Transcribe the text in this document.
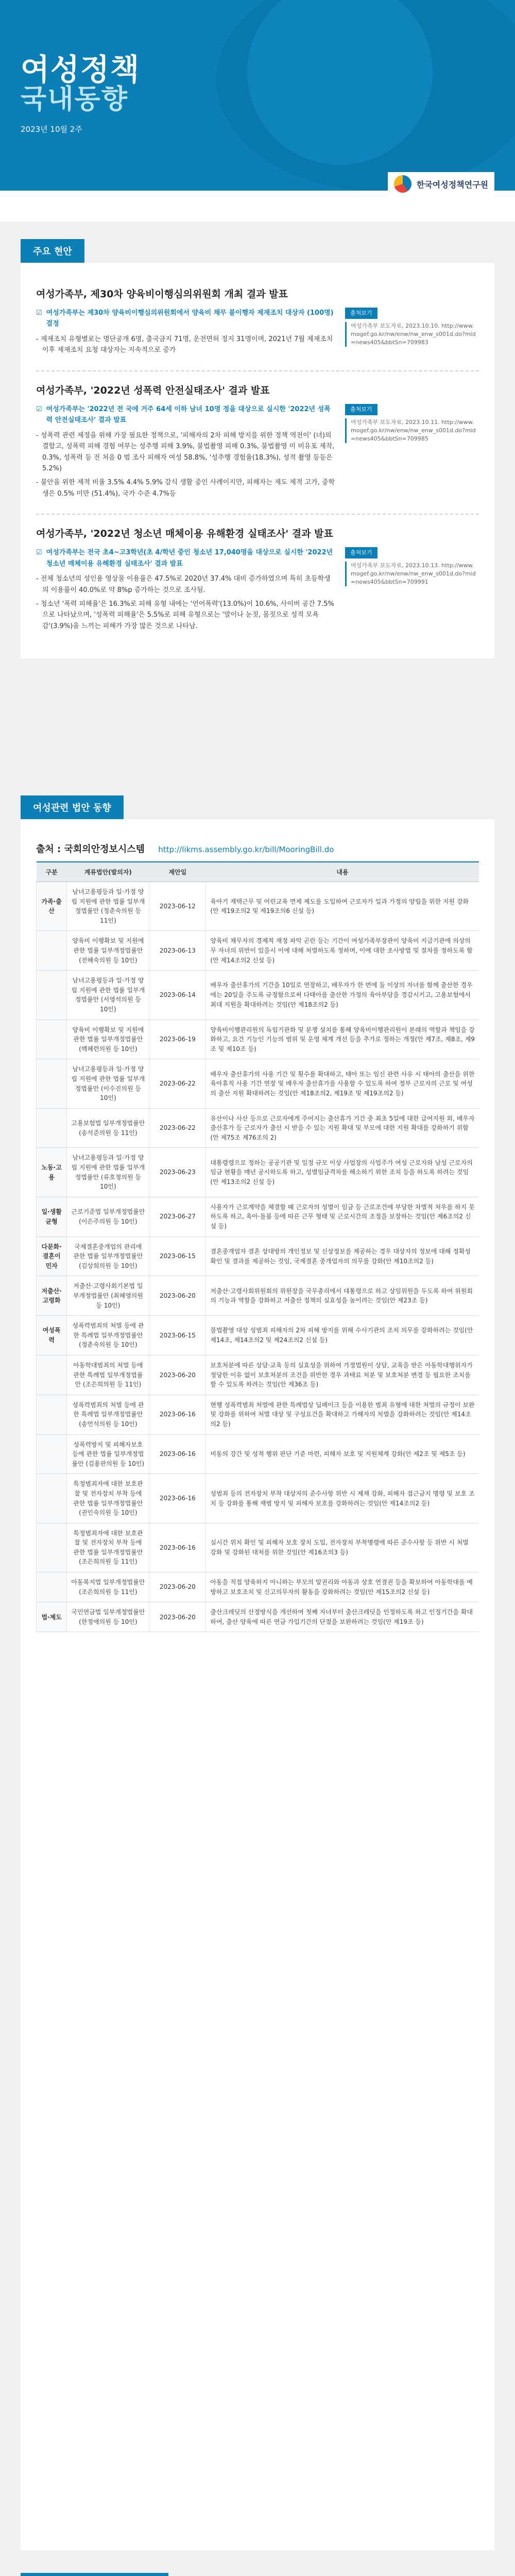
여성정책
국내동향
2023년 10월 2주
한국여성정책연구원
주요 현안
여성가족부, 제30차 양육비이행심의위원회 개최 결과 발표
☑ 여성가족부는 제30차 양육비이행심의위원회에서 양육비 채무 불이행자 제재조치 대상자 (100명) 결정
- 제재조치 유형별로는 명단공개 6명, 출국금지 71명, 운전면허 정지 31명이며, 2021년 7월 제재조치 이후 제재조치 요청 대상자는 지속적으로 증가
출처보기
여성가족부 보도자료, 2023.10.10. http://www.mogef.go.kr/nw/enw/nw_enw_s001d.do?mid=news405&bbtSn=709983
여성가족부, '2022년 성폭력 안전실태조사' 결과 발표
☑ 여성가족부는 '2022년 전 국에 거주 64세 이하 남녀 10명 정을 대상으로 실시한 '2022년 성폭력 안전실태조사' 결과 발표
- 성폭력 관련 제정을 위해 가장 필요한 정책으로, '피해자의 2차 피해 방지를 위한 정책 역전이' (녀)의 결합고, 성폭력 피해 경험 여부는 성추행 피해 3.9%, 불법촬영 피해 0.3%, 불법촬영 미 비유포 제작, 0.3%, 성폭력 등 전 처음 0 범 조사 피해자 여성 58.8%, '성추행 경험율(18.3%), 성적 촬영 등등은 5.2%)
- 불안을 위한 제적 비율 3.5% 4.4% 5.9% 감식 생활 중인 사례이지만, 피해자는 제도 제적 고가, 중학생은 0.5% 미만 (51.4%), 국가 수준 4.7%등
출처보기
여성가족부 보도자료, 2023.10.11. http://www.mogef.go.kr/nw/enw/nw_enw_s001d.do?mid=news405&bbtSn=709985
여성가족부, '2022년 청소년 매체이용 유해환경 실태조사' 결과 발표
☑ 여성가족부는 전국 초4~고3학년(초 4/학년 중인 청소년 17,040명을 대상으로 실시한 '2022년 청소년 매체이용 유해환경 실태조사' 결과 발표
- 전체 청소년의 성인용 영상물 이용률은 47.5%로 2020년 37.4% 대비 증가하였으며 특히 초등학생의 이용률이 40.0%로 약 8%p 증가하는 것으로 조사됨.
- 청소년 '폭력 피해율'은 16.3%로 피해 유형 내에는 '언어폭력'(13.0%)이 10.6%, 사이버 공간 7.5%으로 나타났으며, '성폭력 피해율'은 5.5%로 피해 유형으로는 '말이나 눈짓, 몸짓으로 성적 모욕감'(3.9%)을 느끼는 피해가 가장 많은 것으로 나타남.
출처보기
여성가족부 보도자료, 2023.10.13. http://www.mogef.go.kr/nw/enw/nw_enw_s001d.do?mid=news405&bbtSn=709991
여성관련 법안 동향
출처 : 국회의안정보시스템 http://likms.assembly.go.kr/bill/MooringBill.do
구분	계류법안(발의자)	제안일	내용
가족·출산	남녀고용평등과 일·가정 양립 지원에 관한 법률 일부개정법률안 (정춘숙의원 등 11인)	2023-06-12	육아기 재택근무 및 어린교육 면제 제도를 도입하여 근로자가 일과 가정의 양립을 위한 지원 강화(안 제19조의2 및 제19조의6 신설 등)
	양육비 이행확보 및 지원에 관한 법률 일부개정법률안 (전혜숙의원 등 10인)	2023-06-13	양육비 채무자의 경제적 재정 파악 곤란 등는 기간이 여성가족부장관이 양육비 지급기관에 의상의무 자녀의 위반이 있을시 이에 대해 처벌하도록 정하며, 이에 대한 조사방법 및 절차를 정하도록 함(안 제14조의2 신설 등)
	남녀고용평등과 일·가정 양립 지원에 관한 법률 일부개정법률안 (서영석의원 등 10인)	2023-06-14	배우자 출산휴가의 기간을 10일로 연장하고, 배우자가 한 번에 둘 이상의 자녀를 함께 출산한 경우에는 20일을 주도록 규정함으로써 다태아를 출산한 가정의 육아부담을 경감시키고, 고용보험에서 최대 지원을 확대하려는 것임(안 제18조의2 등)
	양육비 이행확보 및 지원에 관한 법률 일부개정법률안 (백혜련의원 등 10인)	2023-06-19	양육비이행관리원의 독립기관화 및 분쟁 설치를 통해 양육비이행관리원이 본래의 역할과 책임을 강화하고, 요건 기능인 기능의 범위 및 운영 체계 개선 등을 추가로 정하는 개정(안 제7조, 제8조, 제9조 및 제10조 등)
	남녀고용평등과 일·가정 양립 지원에 관한 법률 일부개정법률안 (이수진의원 등 10인)	2023-06-22	배우자 출산휴가의 사용 기간 및 횟수를 확대하고, 태아 또는 임신 관련 사유 시 태아의 출산을 위한 육아휴직 사용 기간 연장 및 배우자 출산휴가를 사용할 수 있도록 하여 정부 근로자의 근로 및 여성의 출산 지원 확대하려는 것임(안 제18조의2, 제19조 및 제19조의2 등)
	고용보험법 일부개정법률안 (송석준의원 등 11인)	2023-06-22	유산이나 사산 등으로 근로자에게 주어지는 출산휴가 기간 중 최초 5일에 대한 급여지원 외, 배우자 출산휴가 등 근로자가 출산 시 받을 수 있는 지원 확대 및 부모에 대한 지원 확대를 강화하기 위함(안 제75조 제76조의 2)
노동·고용	남녀고용평등과 일·가정 양립 지원에 관한 법률 일부개정법률안 (류호정의원 등 10인)	2023-06-23	대통령령으로 정하는 공공기관 및 일정 규모 이상 사업장의 사업주가 여성 근로자와 남성 근로자의 임금 현황을 매년 공시하도록 하고, 성별임금격차를 해소하기 위한 조치 등을 하도록 하려는 것임(안 제13조의2 신설 등)
일·생활 균형	근로기준법 일부개정법률안 (이은주의원 등 10인)	2023-06-27	사용자가 근로계약을 체결할 때 근로자의 성별이 임금 등 근로조건에 부당한 차별적 처우를 하지 못하도록 하고, 육아·돌봄 등에 따른 근무 형태 및 근로시간의 조정을 보장하는 것임(안 제6조의2 신설 등)
다문화·결혼이민자	국제결혼중개업의 관리에 관한 법률 일부개정법률안 (김상희의원 등 10인)	2023-06-15	결혼중개업자 결혼 상대방의 개인정보 및 신상정보를 제공하는 경우 대상자의 정보에 대해 정확성 확인 및 결과를 제공하는 것임, 국제결혼 중개업자의 의무를 강화(안 제10조의2 등)
저출산·고령화	저출산·고령사회기본법 일부개정법률안 (최혜영의원 등 10인)	2023-06-20	저출산·고령사회위원회의 위원장을 국무총리에서 대통령으로 하고 상임위원을 두도록 하여 위원회의 기능과 역할을 강화하고 저출산 정책의 실효성을 높이려는 것임(안 제23조 등)
여성폭력	성폭력범죄의 처벌 등에 관한 특례법 일부개정법률안 (정춘숙의원 등 10인)	2023-06-15	불법촬영 대상 성범죄 피해자의 2차 피해 방지를 위해 수사기관의 조치 의무를 강화하려는 것임(안 제14조, 제14조의2 및 제24조의2 신설 등)
	아동학대범죄의 처벌 등에 관한 특례법 일부개정법률안 (조은희의원 등 11인)	2023-06-20	보호처분에 따른 상담·교육 등의 실효성을 위하여 가정법원이 상담, 교육을 받은 아동학대행위자가 정당한 이유 없이 보호처분의 조건을 위반한 경우 과태료 처분 및 보호처분 변경 등 필요한 조치를 할 수 있도록 하려는 것임(안 제36조 등)
	성폭력범죄의 처벌 등에 관한 특례법 일부개정법률안 (송언석의원 등 10인)	2023-06-16	현행 성폭력범죄 처벌에 관한 특례법상 딥페이크 등을 이용한 범죄 유형에 대한 처벌의 규정이 보완 및 강화를 위하여 처벌 대상 및 구성요건을 확대하고 가해자의 처벌을 강화하려는 것임(안 제14조의2 등)
	성폭력방지 및 피해자보호 등에 관한 법률 일부개정법률안 (김용판의원 등 10인)	2023-06-16	비동의 강간 및 성적 행위 판단 기준 마련, 피해자 보호 및 지원체계 강화(안 제2조 및 제5조 등)
	특정범죄자에 대한 보호관찰 및 전자장치 부착 등에 관한 법률 일부개정법률안 (권인숙의원 등 10인)	2023-06-16	성범죄 등의 전자장치 부착 대상자의 준수사항 위반 시 제재 강화, 피해자 접근금지 명령 및 보호 조치 등 강화를 통해 재범 방지 및 피해자 보호를 강화하려는 것임(안 제14조의2 등)
	특정범죄자에 대한 보호관찰 및 전자장치 부착 등에 관한 법률 일부개정법률안 (조은희의원 등 11인)	2023-06-16	실시간 위치 확인 및 피해자 보호 장치 도입, 전자장치 부착명령에 따른 준수사항 등 위반 시 처벌 강화 및 강화된 대처를 위한 것임(안 제16조의3 등)
	아동복지법 일부개정법률안 (조은희의원 등 11인)	2023-06-20	아동을 직접 양육하지 아니하는 부모의 알권리와 아동과 상호 연결권 등을 확보하여 아동학대를 예방하고 보호조치 및 신고의무자의 활동을 강화하려는 것임(안 제15조의2 신설 등)
법·제도	국민연금법 일부개정법률안 (한정애의원 등 10인)	2023-06-20	출산크레딧의 산정방식을 개선하여 첫째 자녀부터 출산크레딧을 인정하도록 하고 인정기간을 확대하여, 출산 양육에 따른 연금 가입기간의 단절을 보완하려는 것임(안 제19조 등)
